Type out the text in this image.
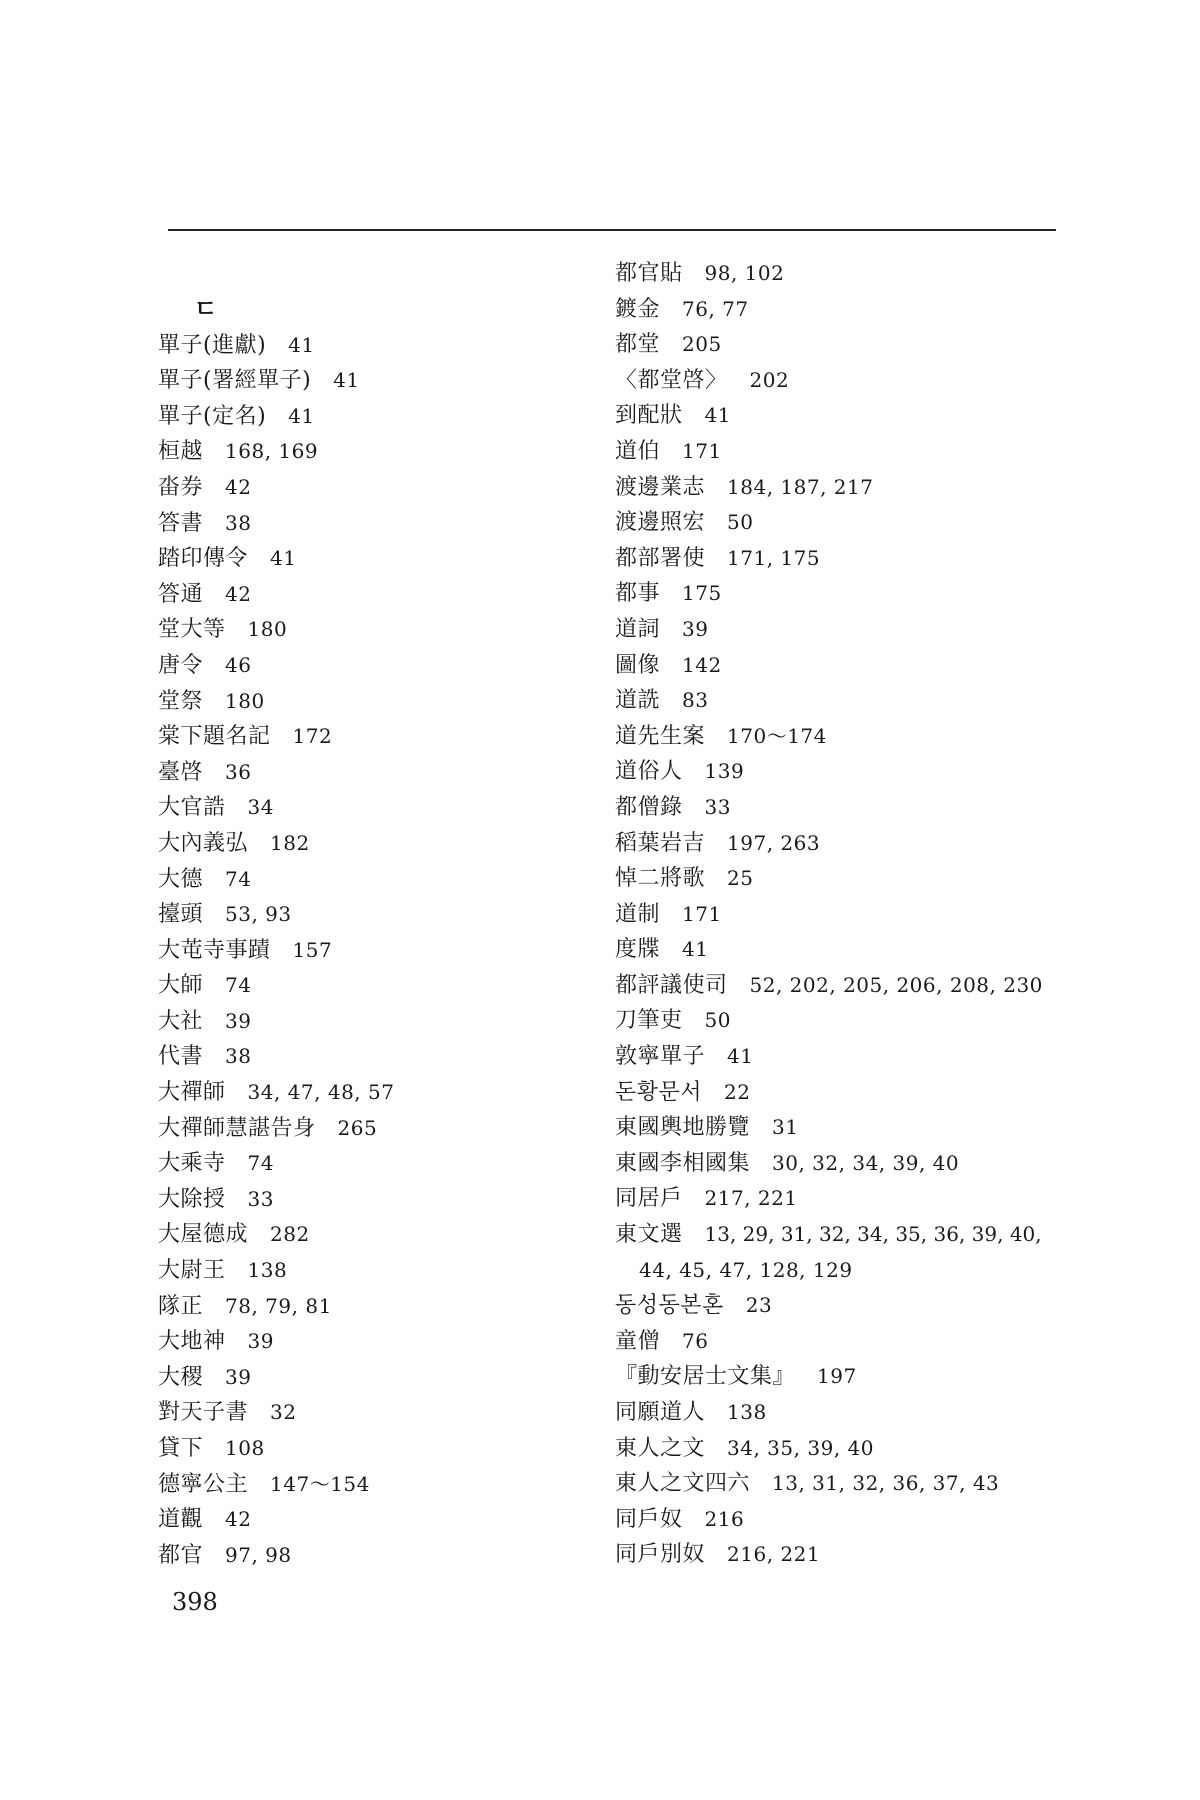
ㄷ
單子(進獻) 41
單子(署經單子) 41
單子(定名) 41
桓越 168, 169
畓券 42
答書 38
踏印傳令 41
答通 42
堂大等 180
唐令 46
堂祭 180
棠下題名記 172
臺啓 36
大官誥 34
大內義弘 182
大德 74
擡頭 53, 93
大芚寺事蹟 157
大師 74
大社 39
代書 38
大禪師 34, 47, 48, 57
大禪師慧諶告身 265
大乘寺 74
大除授 33
大屋德成 282
大尉王 138
隊正 78, 79, 81
大地神 39
大稷 39
對天子書 32
貸下 108
德寧公主 147〜154
道觀 42
都官 97, 98
都官貼 98, 102
鍍金 76, 77
都堂 205
〈都堂啓〉 202
到配狀 41
道伯 171
渡邊業志 184, 187, 217
渡邊照宏 50
都部署使 171, 175
都事 175
道詞 39
圖像 142
道詵 83
道先生案 170〜174
道俗人 139
都僧錄 33
稻葉岩吉 197, 263
悼二將歌 25
道制 171
度牒 41
都評議使司 52, 202, 205, 206, 208, 230
刀筆吏 50
敦寧單子 41
돈황문서 22
東國輿地勝覽 31
東國李相國集 30, 32, 34, 39, 40
同居戶 217, 221
東文選 13, 29, 31, 32, 34, 35, 36, 39, 40,
44, 45, 47, 128, 129
동성동본혼 23
童僧 76
『動安居士文集』 197
同願道人 138
東人之文 34, 35, 39, 40
東人之文四六 13, 31, 32, 36, 37, 43
同戶奴 216
同戶別奴 216, 221
398
